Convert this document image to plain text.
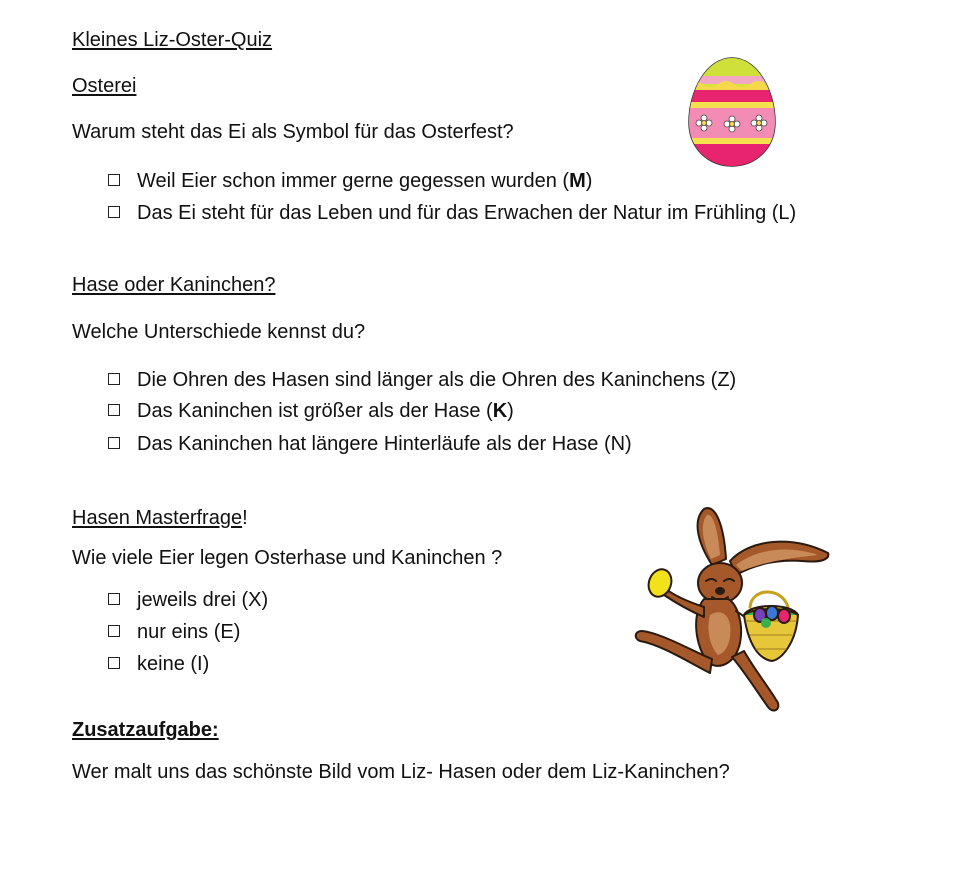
Kleines Liz-Oster-Quiz
Osterei
Warum steht das Ei als Symbol für das Osterfest?
Weil Eier schon immer gerne gegessen wurden (M)
Das Ei steht für das Leben und für das Erwachen der Natur im Frühling (L)
Hase oder Kaninchen?
Welche Unterschiede kennst du?
Die Ohren des Hasen sind länger als die Ohren des Kaninchens (Z)
Das Kaninchen ist größer als der Hase (K)
Das Kaninchen hat längere Hinterläufe als der Hase (N)
Hasen Masterfrage!
Wie viele Eier legen Osterhase und Kaninchen ?
jeweils drei (X)
nur eins (E)
keine (I)
Zusatzaufgabe:
Wer malt uns das schönste Bild vom Liz- Hasen oder dem Liz-Kaninchen?
